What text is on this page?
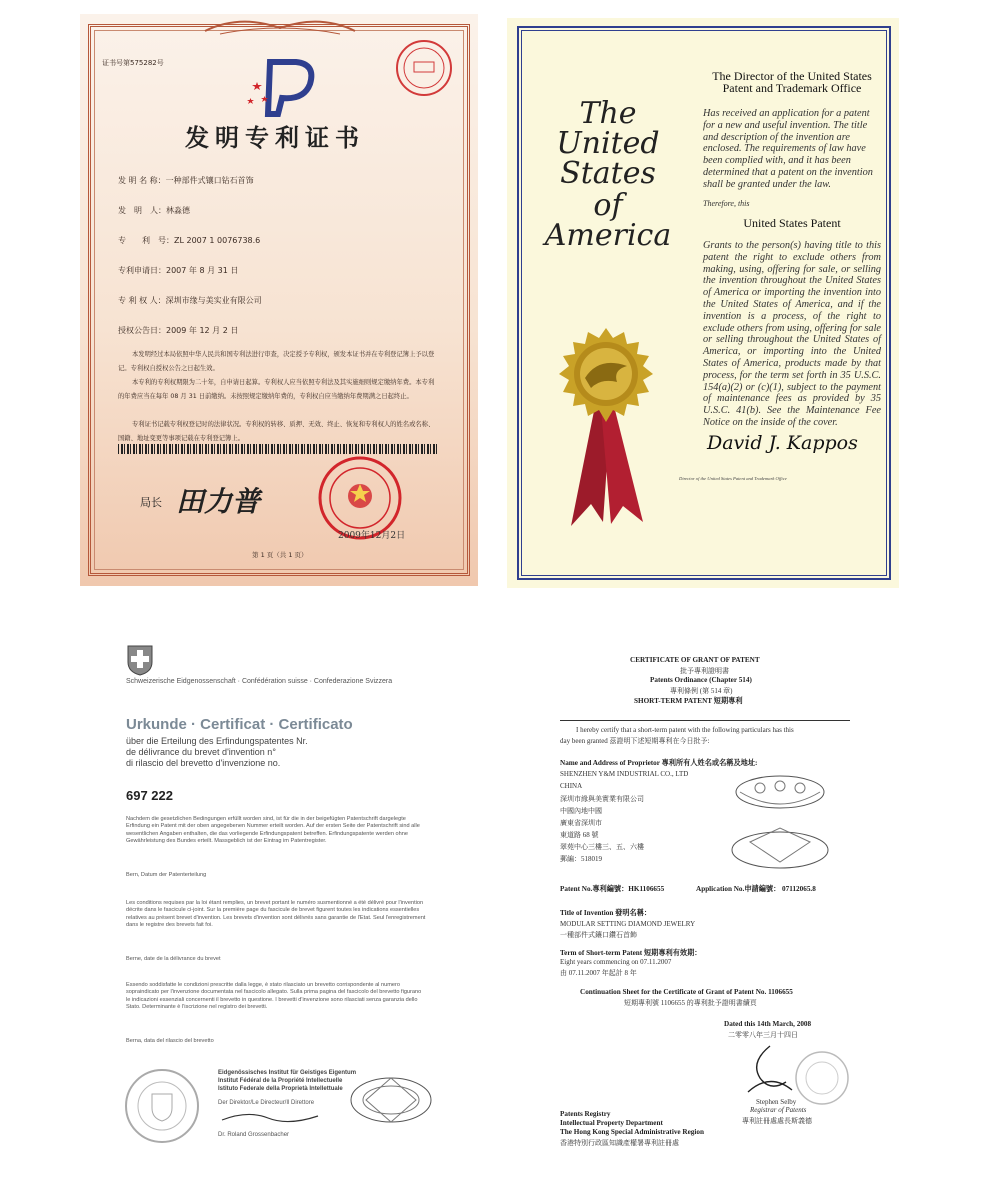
证书号第575282号
发明专利证书
发 明 名 称：一种部件式镶口钻石首饰
发　明　人：林淼德
专　　利　号：ZL 2007 1 0076738.6
专利申请日：2007 年 8 月 31 日
专 利 权 人：深圳市缘与美实业有限公司
授权公告日：2009 年 12 月 2 日
本发明经过本局依照中华人民共和国专利法进行审查，决定授予专利权，颁发本证书并在专利登记簿上予以登记。专利权自授权公告之日起生效。
本专利的专利权期限为二十年，自申请日起算。专利权人应当依照专利法及其实施细则规定缴纳年费。本专利的年费应当在每年 08 月 31 日前缴纳。未按照规定缴纳年费的，专利权自应当缴纳年费期满之日起终止。
专利证书记载专利权登记时的法律状况。专利权的转移、质押、无效、终止、恢复和专利权人的姓名或名称、国籍、地址变更等事项记载在专利登记簿上。
局长 田力普
2009年12月2日
第 1 页（共 1 页）
The
United
States
of
America
The Director of the United States
Patent and Trademark Office
Has received an application for a patent for a new and useful invention. The title and description of the invention are enclosed. The requirements of law have been complied with, and it has been determined that a patent on the invention shall be granted under the law.
Therefore, this
United States Patent
Grants to the person(s) having title to this patent the right to exclude others from making, using, offering for sale, or selling the invention throughout the United States of America or importing the invention into the United States of America, and if the invention is a process, of the right to exclude others from using, offering for sale or selling throughout the United States of America, or importing into the United States of America, products made by that process, for the term set forth in 35 U.S.C. 154(a)(2) or (c)(1), subject to the payment of maintenance fees as provided by 35 U.S.C. 41(b). See the Maintenance Fee Notice on the inside of the cover.
David J. Kappos
Director of the United States Patent and Trademark Office
Schweizerische Eidgenossenschaft · Confédération suisse · Confederazione Svizzera
Urkunde · Certificat · Certificato
über die Erteilung des Erfindungspatentes Nr.
de délivrance du brevet d'invention n°
di rilascio del brevetto d'invenzione no.
697 222
Nachdem die gesetzlichen Bedingungen erfüllt worden sind, ist für die in der beigefügten Patentschrift dargelegte Erfindung ein Patent mit der oben angegebenen Nummer erteilt worden. Auf der ersten Seite der Patentschrift sind alle wesentlichen Angaben enthalten, die das vorliegende Erfindungspatent betreffen. Erfindungspatente werden ohne Gewährleistung des Bundes erteilt. Massgeblich ist der Eintrag im Patentregister.
Bern, Datum der Patenterteilung
Les conditions requises par la loi étant remplies, un brevet portant le numéro susmentionné a été délivré pour l'invention décrite dans le fascicule ci-joint. Sur la première page du fascicule de brevet figurent toutes les indications essentielles relatives au présent brevet d'invention. Les brevets d'invention sont délivrés sans garantie de l'Etat. Seul l'enregistrement dans le registre des brevets fait foi.
Berne, date de la délivrance du brevet
Essendo soddisfatte le condizioni prescritte dalla legge, è stato rilasciato un brevetto corrispondente al numero sopraindicato per l'invenzione documentata nel fascicolo allegato. Sulla prima pagina del fascicolo del brevetto figurano le indicazioni essenziali concernenti il brevetto in questione. I brevetti d'invenzione sono rilasciati senza garanzia dello Stato. Determinante è l'iscrizione nel registro dei brevetti.
Berna, data del rilascio del brevetto
Eidgenössisches Institut für Geistiges Eigentum
Institut Fédéral de la Propriété Intellectuelle
Istituto Federale della Proprietà Intellettuale
Der Direktor/Le Directeur/Il Direttore
Dr. Roland Grossenbacher
CERTIFICATE OF GRANT OF PATENT
批予專利證明書
Patents Ordinance (Chapter 514)
專利條例 (第 514 章)
SHORT-TERM PATENT 短期專利
I hereby certify that a short-term patent with the following particulars has this
day been granted 茲證明下述短期專利在今日批予:
Name and Address of Proprietor 專利所有人姓名或名稱及地址:
SHENZHEN Y&M INDUSTRIAL CO., LTD
CHINA
深圳市緣與美實業有限公司
中國內地中國
廣東省深圳市
東道路 68 號
翠苑中心三樓三、五、六樓
郵編：518019
Patent No.專利編號：HK1106655	Application No.申請編號： 07112065.8
Title of Invention 發明名稱：
MODULAR SETTING DIAMOND JEWELRY
一種部件式鑲口鑽石首飾
Term of Short-term Patent 短期專利有效期：
Eight years commencing on 07.11.2007
由 07.11.2007 年起計 8 年
Continuation Sheet for the Certificate of Grant of Patent No. 1106655
短期專利號 1106655 的專利批予證明書續頁
Dated this 14th March, 2008
二零零八年三月十四日
Stephen Selby
Registrar of Patents
專利註冊處處長斯義德
Patents Registry
Intellectual Property Department
The Hong Kong Special Administrative Region
香港特別行政區知識產權署專利註冊處
